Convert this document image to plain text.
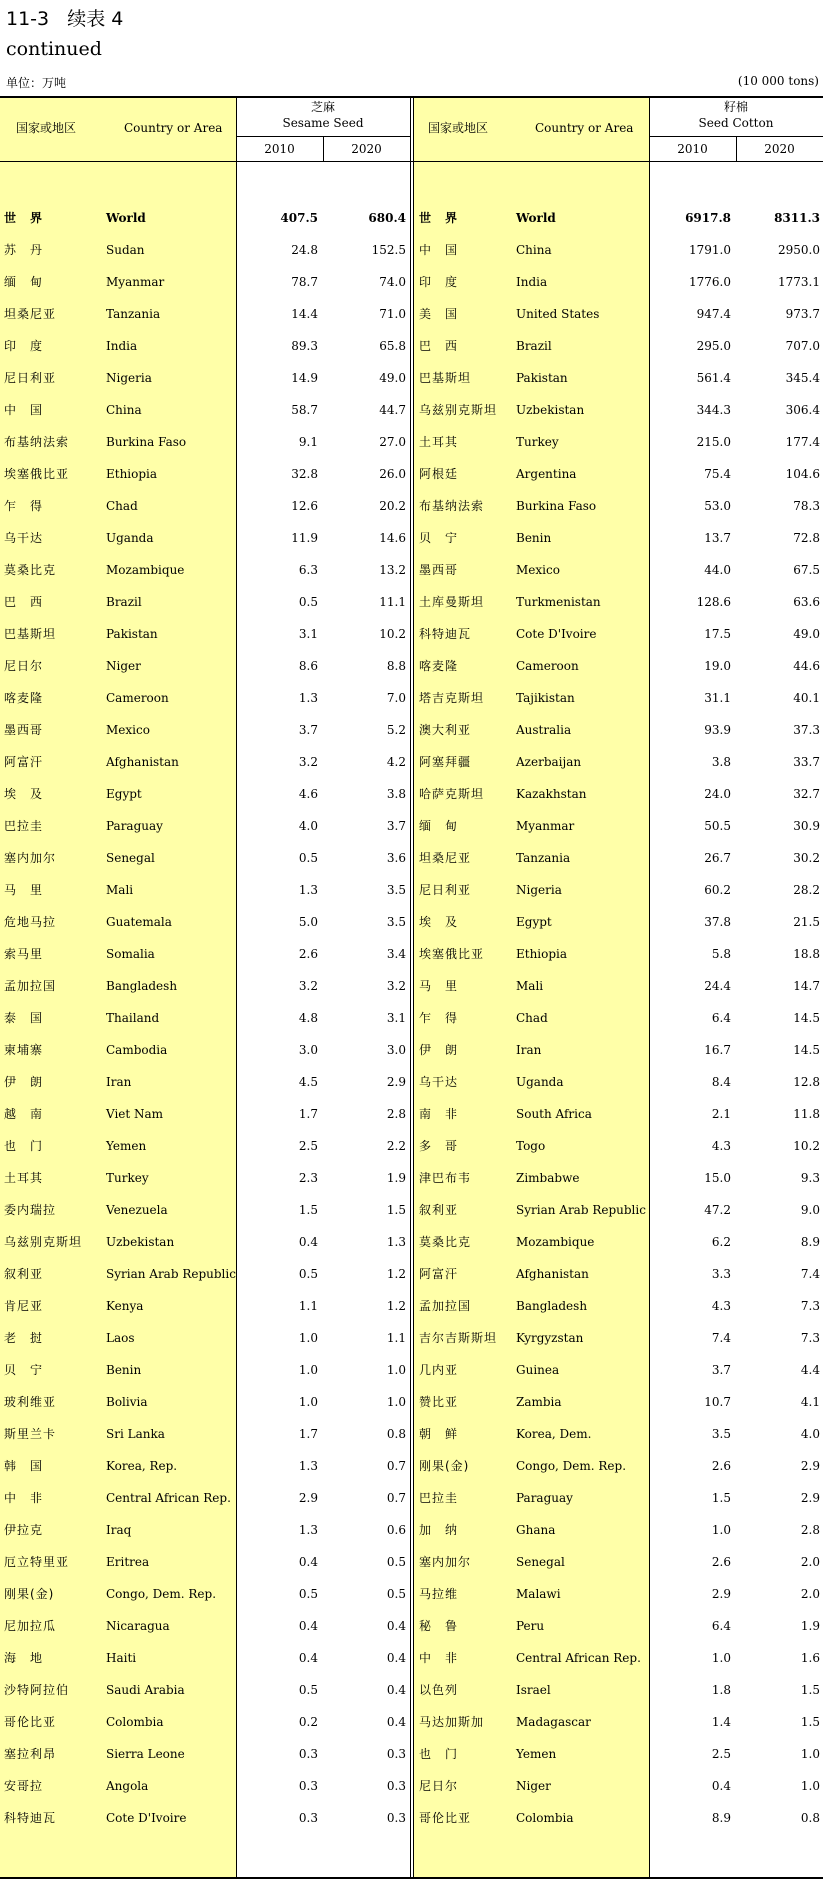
11-3   续表 4
continued
单位：万吨	(10 000 tons)
国家或地区	Country or Area
芝麻
Sesame Seed
2010	2020
国家或地区	Country or Area
籽棉
Seed Cotton
2010	2020
世　界	World	407.5	680.4 世　界	World	6917.8	8311.3
苏　丹	Sudan	24.8	152.5 中　国	China	1791.0	2950.0
缅　甸	Myanmar	78.7	74.0 印　度	India	1776.0	1773.1
坦桑尼亚	Tanzania	14.4	71.0 美　国	United States	947.4	973.7
印　度	India	89.3	65.8 巴　西	Brazil	295.0	707.0
尼日利亚	Nigeria	14.9	49.0 巴基斯坦	Pakistan	561.4	345.4
中　国	China	58.7	44.7 乌兹别克斯坦 Uzbekistan	344.3	306.4
布基纳法索	Burkina Faso	9.1	27.0 土耳其	Turkey	215.0	177.4
埃塞俄比亚	Ethiopia	32.8	26.0 阿根廷	Argentina	75.4	104.6
乍　得	Chad	12.6	20.2 布基纳法索	Burkina Faso	53.0	78.3
乌干达	Uganda	11.9	14.6 贝　宁	Benin	13.7	72.8
莫桑比克	Mozambique	6.3	13.2 墨西哥	Mexico	44.0	67.5
巴　西	Brazil	0.5	11.1 土库曼斯坦	Turkmenistan	128.6	63.6
巴基斯坦	Pakistan	3.1	10.2 科特迪瓦	Cote D'Ivoire	17.5	49.0
尼日尔	Niger	8.6	8.8 喀麦隆	Cameroon	19.0	44.6
喀麦隆	Cameroon	1.3	7.0 塔吉克斯坦	Tajikistan	31.1	40.1
墨西哥	Mexico	3.7	5.2 澳大利亚	Australia	93.9	37.3
阿富汗	Afghanistan	3.2	4.2 阿塞拜疆	Azerbaijan	3.8	33.7
埃　及	Egypt	4.6	3.8 哈萨克斯坦	Kazakhstan	24.0	32.7
巴拉圭	Paraguay	4.0	3.7 缅　甸	Myanmar	50.5	30.9
塞内加尔	Senegal	0.5	3.6 坦桑尼亚	Tanzania	26.7	30.2
马　里	Mali	1.3	3.5 尼日利亚	Nigeria	60.2	28.2
危地马拉	Guatemala	5.0	3.5 埃　及	Egypt	37.8	21.5
索马里	Somalia	2.6	3.4 埃塞俄比亚	Ethiopia	5.8	18.8
孟加拉国	Bangladesh	3.2	3.2 马　里	Mali	24.4	14.7
泰　国	Thailand	4.8	3.1 乍　得	Chad	6.4	14.5
柬埔寨	Cambodia	3.0	3.0 伊　朗	Iran	16.7	14.5
伊　朗	Iran	4.5	2.9 乌干达	Uganda	8.4	12.8
越　南	Viet Nam	1.7	2.8 南　非	South Africa	2.1	11.8
也　门	Yemen	2.5	2.2 多　哥	Togo	4.3	10.2
土耳其	Turkey	2.3	1.9 津巴布韦	Zimbabwe	15.0	9.3
委内瑞拉	Venezuela	1.5	1.5 叙利亚	Syrian Arab Republic	47.2	9.0
乌兹别克斯坦 Uzbekistan	0.4	1.3 莫桑比克	Mozambique	6.2	8.9
叙利亚	Syrian Arab Republic	0.5	1.2 阿富汗	Afghanistan	3.3	7.4
肯尼亚	Kenya	1.1	1.2 孟加拉国	Bangladesh	4.3	7.3
老　挝	Laos	1.0	1.1 吉尔吉斯斯坦 Kyrgyzstan	7.4	7.3
贝　宁	Benin	1.0	1.0 几内亚	Guinea	3.7	4.4
玻利维亚	Bolivia	1.0	1.0 赞比亚	Zambia	10.7	4.1
斯里兰卡	Sri Lanka	1.7	0.8 朝　鲜	Korea, Dem.	3.5	4.0
韩　国	Korea, Rep.	1.3	0.7 刚果(金)	Congo, Dem. Rep.	2.6	2.9
中　非	Central African Rep.	2.9	0.7 巴拉圭	Paraguay	1.5	2.9
伊拉克	Iraq	1.3	0.6 加　纳	Ghana	1.0	2.8
厄立特里亚	Eritrea	0.4	0.5 塞内加尔	Senegal	2.6	2.0
刚果(金)	Congo, Dem. Rep.	0.5	0.5 马拉维	Malawi	2.9	2.0
尼加拉瓜	Nicaragua	0.4	0.4 秘　鲁	Peru	6.4	1.9
海　地	Haiti	0.4	0.4 中　非	Central African Rep.	1.0	1.6
沙特阿拉伯	Saudi Arabia	0.5	0.4 以色列	Israel	1.8	1.5
哥伦比亚	Colombia	0.2	0.4 马达加斯加	Madagascar	1.4	1.5
塞拉利昂	Sierra Leone	0.3	0.3 也　门	Yemen	2.5	1.0
安哥拉	Angola	0.3	0.3 尼日尔	Niger	0.4	1.0
科特迪瓦	Cote D'Ivoire	0.3	0.3 哥伦比亚	Colombia	8.9	0.8
